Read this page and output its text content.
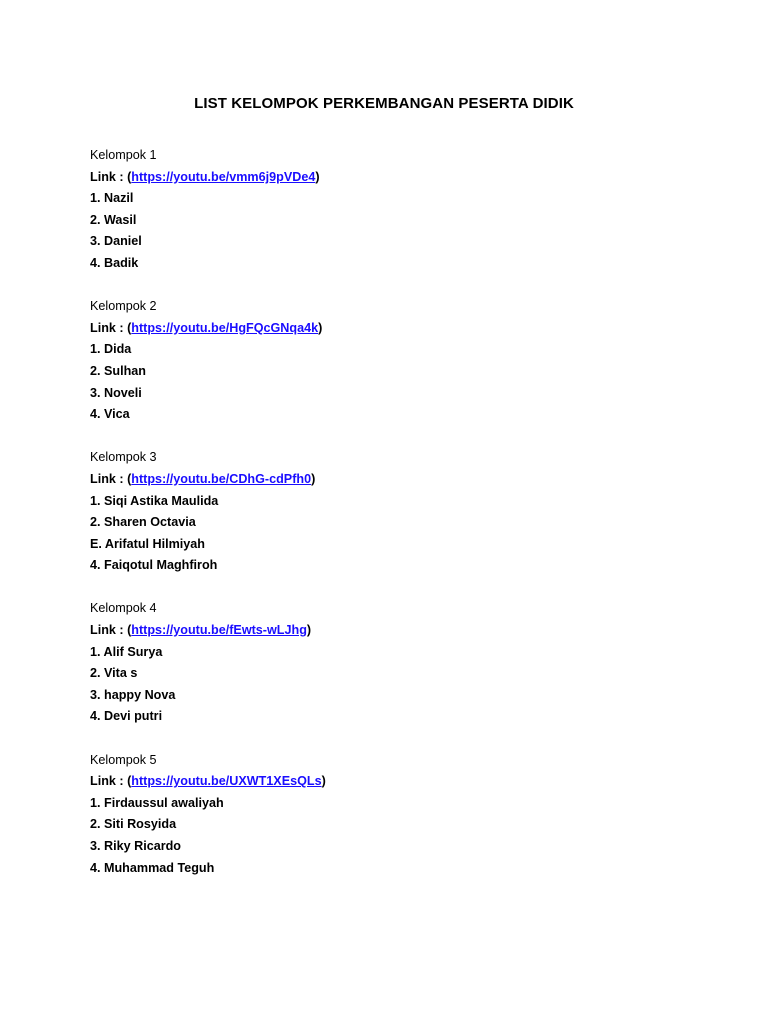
LIST KELOMPOK PERKEMBANGAN PESERTA DIDIK
Kelompok 1
Link : (https://youtu.be/vmm6j9pVDe4)
1. Nazil
2. Wasil
3. Daniel
4. Badik
Kelompok 2
Link : (https://youtu.be/HgFQcGNqa4k)
1. Dida
2. Sulhan
3. Noveli
4. Vica
Kelompok 3
Link : (https://youtu.be/CDhG-cdPfh0)
1. Siqi Astika Maulida
2. Sharen Octavia
E. Arifatul Hilmiyah
4. Faiqotul Maghfiroh
Kelompok 4
Link : (https://youtu.be/fEwts-wLJhg)
1. Alif Surya
2. Vita s
3. happy Nova
4. Devi putri
Kelompok 5
Link : (https://youtu.be/UXWT1XEsQLs)
1. Firdaussul awaliyah
2. Siti Rosyida
3. Riky Ricardo
4. Muhammad Teguh
